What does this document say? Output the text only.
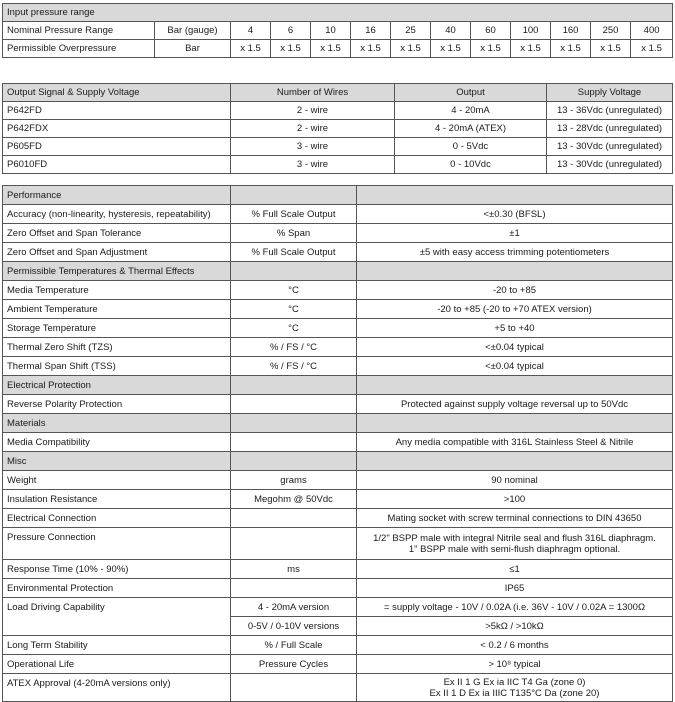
Input pressure range												
Nominal Pressure Range	Bar (gauge)	4	6	10	16	25	40	60	100	160	250	400
Permissible Overpressure	Bar	x 1.5	x 1.5	x 1.5	x 1.5	x 1.5	x 1.5	x 1.5	x 1.5	x 1.5	x 1.5	x 1.5
Output Signal & Supply Voltage	Number of Wires	Output	Supply Voltage
P642FD	2 - wire	4 - 20mA	13 - 36Vdc (unregulated)
P642FDX	2 - wire	4 - 20mA (ATEX)	13 - 28Vdc (unregulated)
P605FD	3 - wire	0 - 5Vdc	13 - 30Vdc (unregulated)
P6010FD	3 - wire	0 - 10Vdc	13 - 30Vdc (unregulated)
Performance		
Accuracy (non-linearity, hysteresis, repeatability)	% Full Scale Output	<±0.30 (BFSL)
Zero Offset and Span Tolerance	% Span	±1
Zero Offset and Span Adjustment	% Full Scale Output	±5 with easy access trimming potentiometers
Permissible Temperatures & Thermal Effects		
Media Temperature	°C	-20 to +85
Ambient Temperature	°C	-20 to +85 (-20 to +70 ATEX version)
Storage Temperature	°C	+5 to +40
Thermal Zero Shift (TZS)	% / FS / °C	<±0.04 typical
Thermal Span Shift (TSS)	% / FS / °C	<±0.04 typical
Electrical Protection		
Reverse Polarity Protection		Protected against supply voltage reversal up to 50Vdc
Materials		
Media Compatibility		Any media compatible with 316L Stainless Steel & Nitrile
Misc		
Weight	grams	90 nominal
Insulation Resistance	Megohm @ 50Vdc	>100
Electrical Connection		Mating socket with screw terminal connections to DIN 43650
Pressure Connection		1/2" BSPP male with integral Nitrile seal and flush 316L diaphragm.
1" BSPP male with semi-flush diaphragm optional.

Response Time (10% - 90%)	ms	≤1
Environmental Protection		IP65
Load Driving Capability	4 - 20mA version	= supply voltage - 10V / 0.02A (i.e. 36V - 10V / 0.02A = 1300Ω
	0-5V / 0-10V versions	>5kΩ / >10kΩ
Long Term Stability	% / Full Scale	< 0.2 / 6 months
Operational Life	Pressure Cycles	> 10⁸ typical
ATEX Approval (4-20mA versions only)		Ex II 1 G Ex ia IIC T4 Ga (zone 0)
Ex II 1 D Ex ia IIIC T135°C Da (zone 20)
